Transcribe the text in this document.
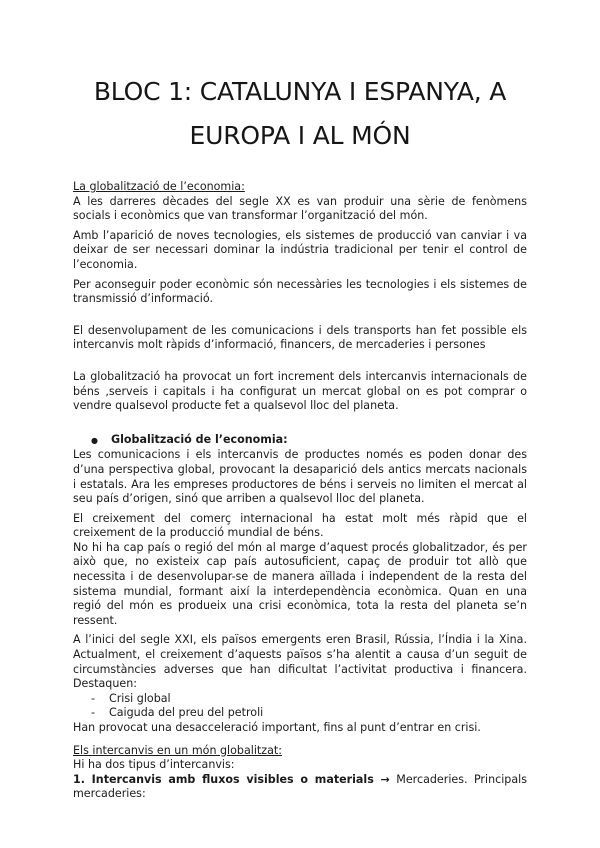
BLOC 1: CATALUNYA I ESPANYA, A
EUROPA I AL MÓN

La globalització de l’economia:

A les darreres dècades del segle XX es van produir una sèrie de fenòmens socials i econòmics que van transformar l’organització del món.

Amb l’aparició de noves tecnologies, els sistemes de producció van canviar i va deixar de ser necessari dominar la indústria tradicional per tenir el control de l’economia.

Per aconseguir poder econòmic són necessàries les tecnologies i els sistemes de transmissió d’informació.

El desenvolupament de les comunicacions i dels transports han fet possible els intercanvis molt ràpids d’informació, financers, de mercaderies i persones

La globalització ha provocat un fort increment dels intercanvis internacionals de béns ,serveis i capitals i ha configurat un mercat global on es pot comprar o vendre qualsevol producte fet a qualsevol lloc del planeta.

●	Globalització de l’economia:

Les comunicacions i els intercanvis de productes només es poden donar des d’una perspectiva global, provocant la desaparició dels antics mercats nacionals i estatals. Ara les empreses productores de béns i serveis no limiten el mercat al seu país d’origen, sinó que arriben a qualsevol lloc del planeta.

El creixement del comerç internacional ha estat molt més ràpid que el creixement de la producció mundial de béns.

No hi ha cap país o regió del món al marge d’aquest procés globalitzador, és per això que, no existeix cap país autosuficient, capaç de produir tot allò que necessita i de desenvolupar-se de manera aïllada i independent de la resta del sistema mundial, formant així la interdependència econòmica. Quan en una regió del món es produeix una crisi econòmica, tota la resta del planeta se’n ressent.

A l’inici del segle XXI, els països emergents eren Brasil, Rússia, l’Índia i la Xina. Actualment, el creixement d’aquests països s’ha alentit a causa d’un seguit de circumstàncies adverses que han dificultat l’activitat productiva i financera. Destaquen:

-	Crisi global
-	Caiguda del preu del petroli

Han provocat una desacceleració important, fins al punt d’entrar en crisi.

Els intercanvis en un món globalitzat:

Hi ha dos tipus d’intercanvis:

1. Intercanvis amb fluxos visibles o materials → Mercaderies. Principals mercaderies:
